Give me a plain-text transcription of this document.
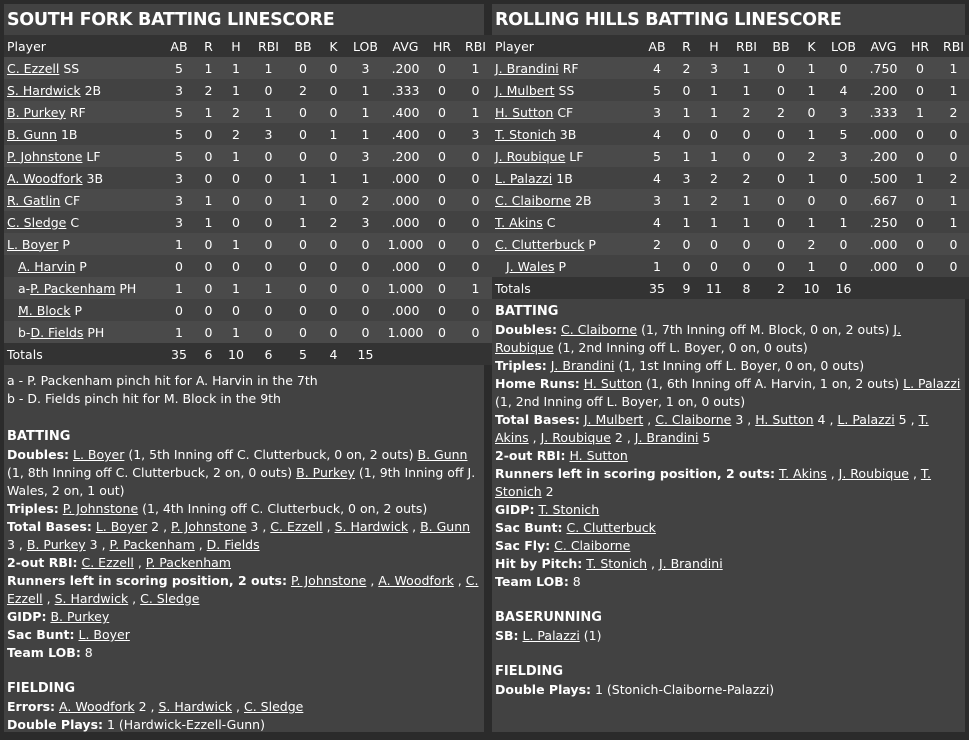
SOUTH FORK BATTING LINESCORE
Player	AB	R	H	RBI	BB	K	LOB	AVG	HR	RBI
C. Ezzell SS	5	1	1	1	0	0	3	.200	0	1
S. Hardwick 2B	3	2	1	0	2	0	1	.333	0	0
B. Purkey RF	5	1	2	1	0	0	1	.400	0	1
B. Gunn 1B	5	0	2	3	0	1	1	.400	0	3
P. Johnstone LF	5	0	1	0	0	0	3	.200	0	0
A. Woodfork 3B	3	0	0	0	1	1	1	.000	0	0
R. Gatlin CF	3	1	0	0	1	0	2	.000	0	0
C. Sledge C	3	1	0	0	1	2	3	.000	0	0
L. Boyer P	1	0	1	0	0	0	0	1.000	0	0
A. Harvin P	0	0	0	0	0	0	0	.000	0	0
a-P. Packenham PH	1	0	1	1	0	0	0	1.000	0	1
M. Block P	0	0	0	0	0	0	0	.000	0	0
b-D. Fields PH	1	0	1	0	0	0	0	1.000	0	0
Totals	35	6	10	6	5	4	15			
a - P. Packenham pinch hit for A. Harvin in the 7th
b - D. Fields pinch hit for M. Block in the 9th
BATTING
Doubles: L. Boyer (1, 5th Inning off C. Clutterbuck, 0 on, 2 outs) B. Gunn (1, 8th Inning off C. Clutterbuck, 2 on, 0 outs) B. Purkey (1, 9th Inning off J. Wales, 2 on, 1 out)
Triples: P. Johnstone (1, 4th Inning off C. Clutterbuck, 0 on, 2 outs)
Total Bases: L. Boyer 2 , P. Johnstone 3 , C. Ezzell , S. Hardwick , B. Gunn 3 , B. Purkey 3 , P. Packenham , D. Fields
2-out RBI: C. Ezzell , P. Packenham
Runners left in scoring position, 2 outs: P. Johnstone , A. Woodfork , C. Ezzell , S. Hardwick , C. Sledge
GIDP: B. Purkey
Sac Bunt: L. Boyer
Team LOB: 8
FIELDING
Errors: A. Woodfork 2 , S. Hardwick , C. Sledge
Double Plays: 1 (Hardwick-Ezzell-Gunn)
ROLLING HILLS BATTING LINESCORE
Player	AB	R	H	RBI	BB	K	LOB	AVG	HR	RBI
J. Brandini RF	4	2	3	1	0	1	0	.750	0	1
J. Mulbert SS	5	0	1	1	0	1	4	.200	0	1
H. Sutton CF	3	1	1	2	2	0	3	.333	1	2
T. Stonich 3B	4	0	0	0	0	1	5	.000	0	0
J. Roubique LF	5	1	1	0	0	2	3	.200	0	0
L. Palazzi 1B	4	3	2	2	0	1	0	.500	1	2
C. Claiborne 2B	3	1	2	1	0	0	0	.667	0	1
T. Akins C	4	1	1	1	0	1	1	.250	0	1
C. Clutterbuck P	2	0	0	0	0	2	0	.000	0	0
J. Wales P	1	0	0	0	0	1	0	.000	0	0
Totals	35	9	11	8	2	10	16			
BATTING
Doubles: C. Claiborne (1, 7th Inning off M. Block, 0 on, 2 outs) J. Roubique (1, 2nd Inning off L. Boyer, 0 on, 0 outs)
Triples: J. Brandini (1, 1st Inning off L. Boyer, 0 on, 0 outs)
Home Runs: H. Sutton (1, 6th Inning off A. Harvin, 1 on, 2 outs) L. Palazzi (1, 2nd Inning off L. Boyer, 1 on, 0 outs)
Total Bases: J. Mulbert , C. Claiborne 3 , H. Sutton 4 , L. Palazzi 5 , T. Akins , J. Roubique 2 , J. Brandini 5
2-out RBI: H. Sutton
Runners left in scoring position, 2 outs: T. Akins , J. Roubique , T. Stonich 2
GIDP: T. Stonich
Sac Bunt: C. Clutterbuck
Sac Fly: C. Claiborne
Hit by Pitch: T. Stonich , J. Brandini
Team LOB: 8
BASERUNNING
SB: L. Palazzi (1)
FIELDING
Double Plays: 1 (Stonich-Claiborne-Palazzi)
